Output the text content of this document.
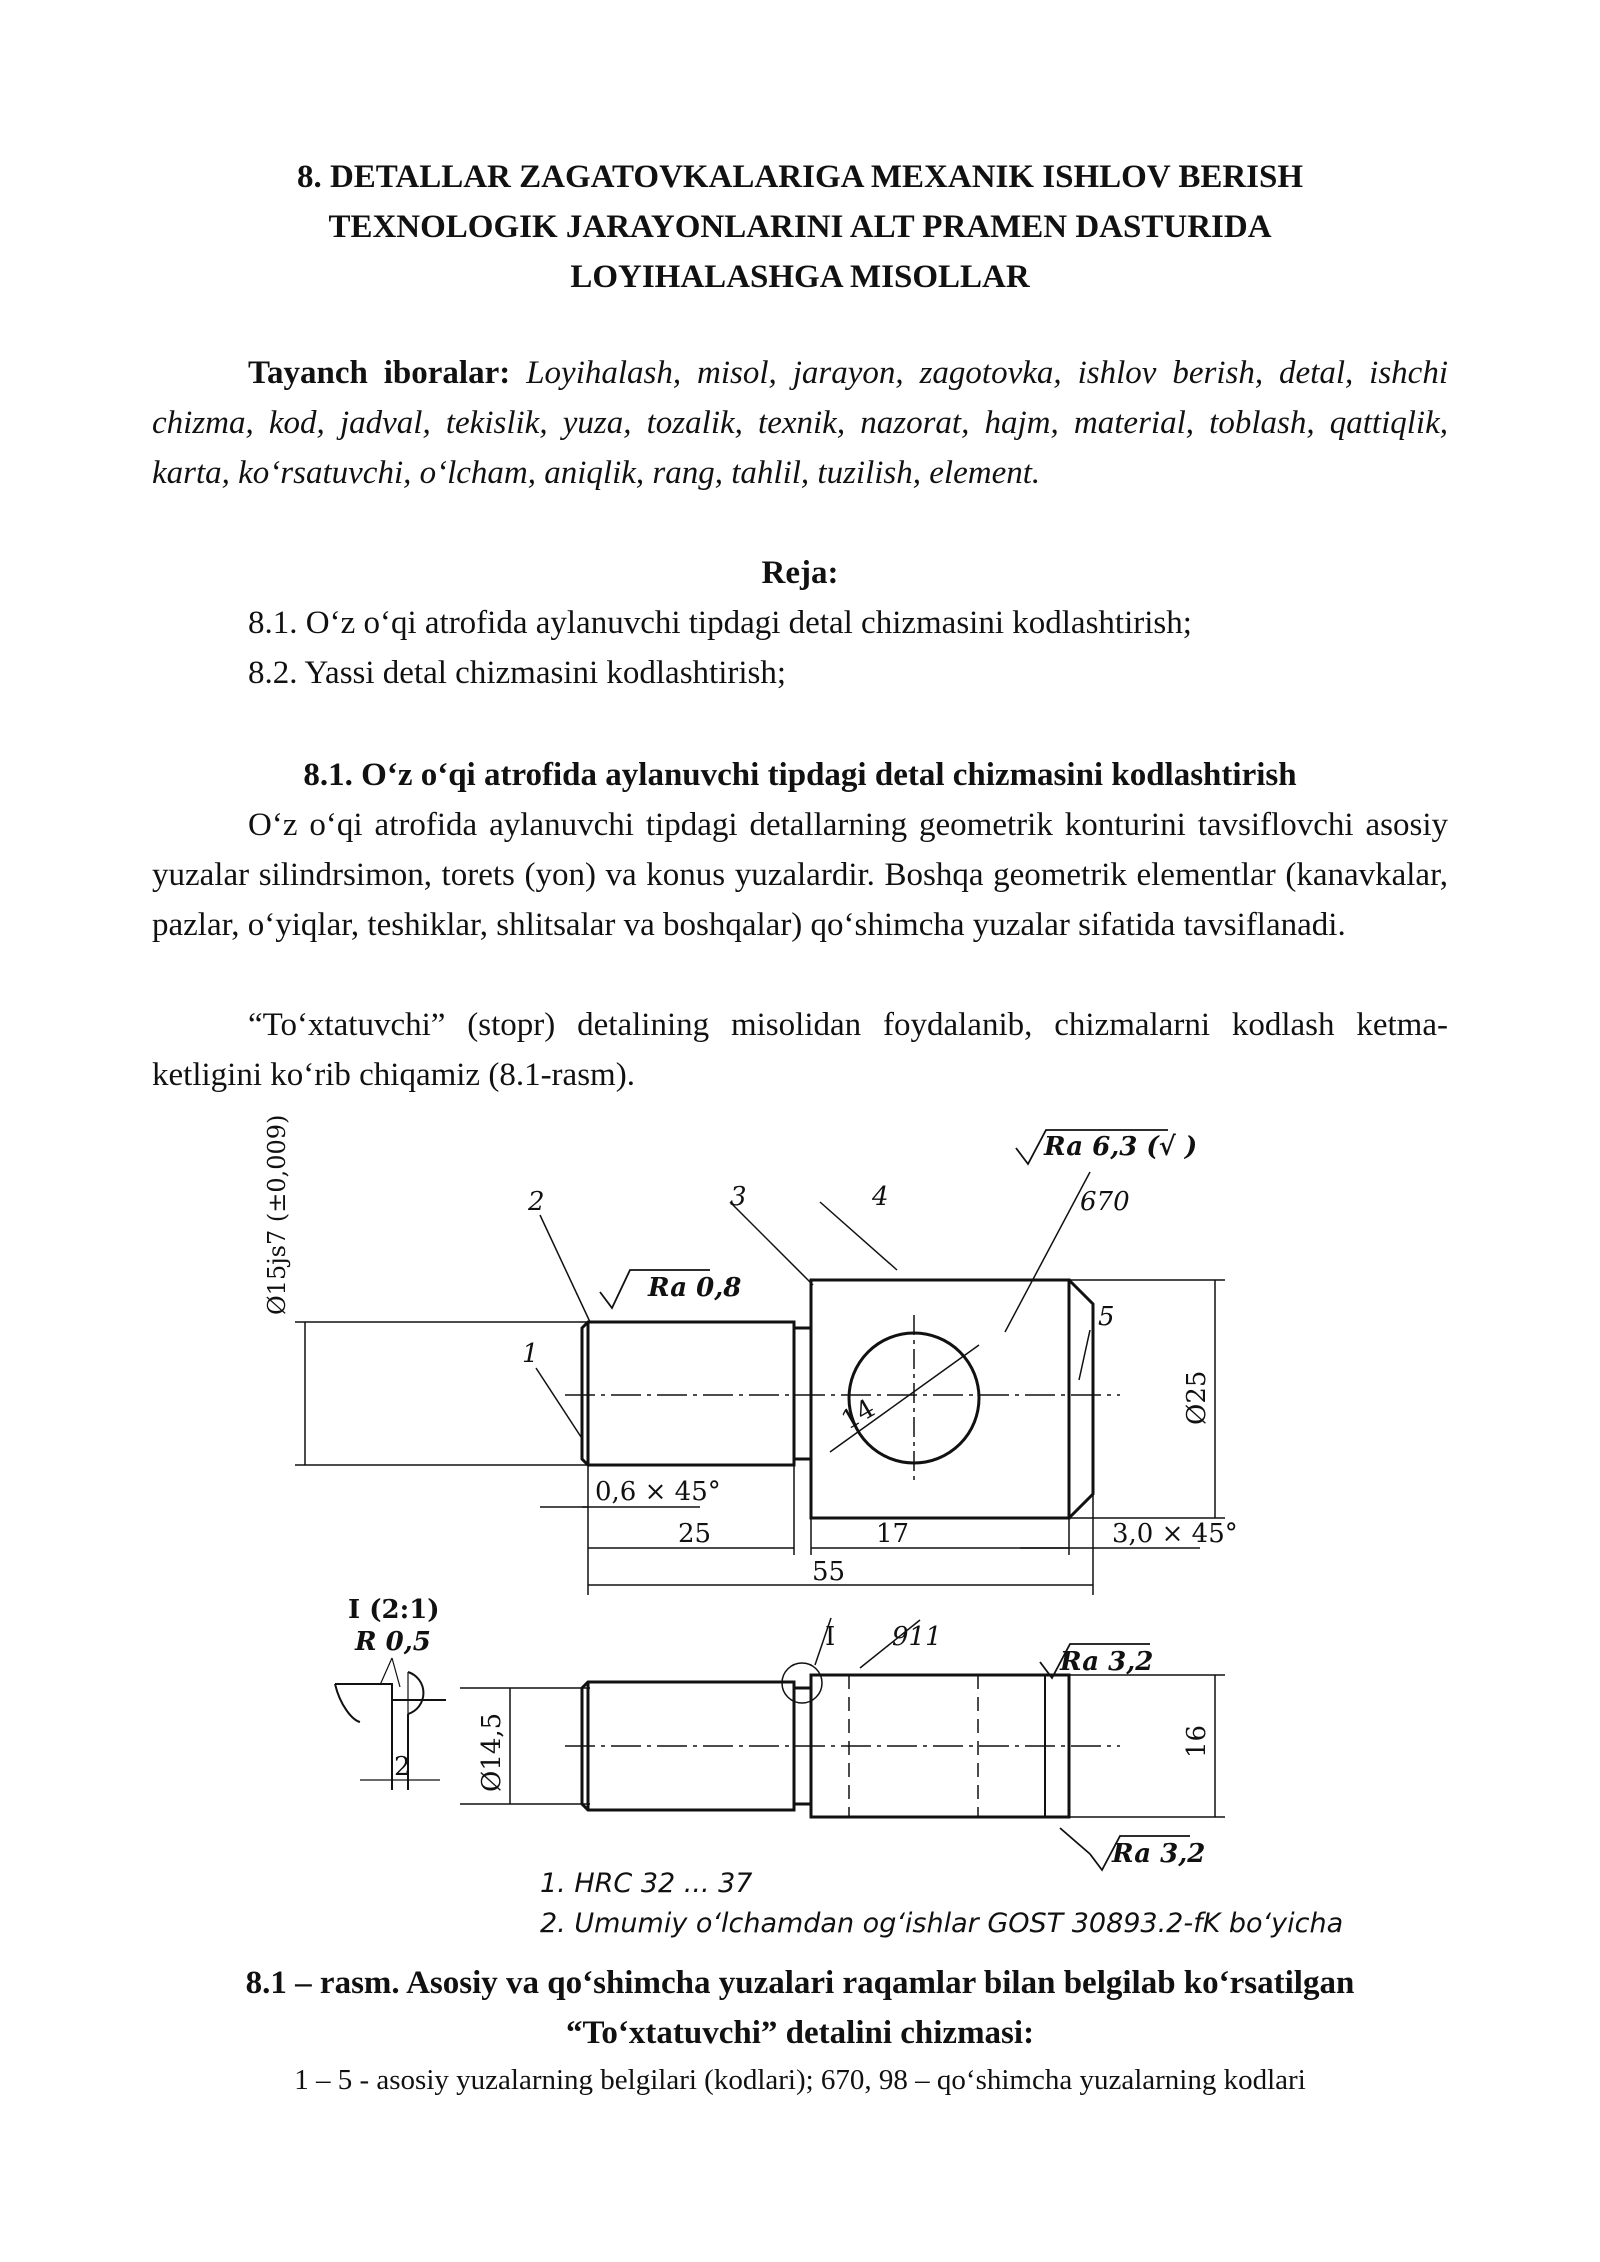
8. DETALLAR ZAGATOVKALARIGA MEXANIK ISHLOV BERISH
TEXNOLOGIK JARAYONLARINI ALT PRAMEN DASTURIDA
LOYIHALASHGA MISOLLAR
Tayanch iboralar: Loyihalash, misol, jarayon, zagotovka, ishlov berish, detal, ishchi chizma, kod, jadval, tekislik, yuza, tozalik, texnik, nazorat, hajm, material, toblash, qattiqlik, karta, ko‘rsatuvchi, o‘lcham, aniqlik, rang, tahlil, tuzilish, element.
Reja:
8.1. O‘z o‘qi atrofida aylanuvchi tipdagi detal chizmasini kodlashtirish;
8.2. Yassi detal chizmasini kodlashtirish;
8.1. O‘z o‘qi atrofida aylanuvchi tipdagi detal chizmasini kodlashtirish
O‘z o‘qi atrofida aylanuvchi tipdagi detallarning geometrik konturini tavsiflovchi asosiy yuzalar silindrsimon, torets (yon) va konus yuzalardir. Boshqa geometrik elementlar (kanavkalar, pazlar, o‘yiqlar, teshiklar, shlitsalar va boshqalar) qo‘shimcha yuzalar sifatida tavsiflanadi.
“To‘xtatuvchi” (stopr) detalining misolidan foydalanib, chizmalarni kodlash ketma-ketligini ko‘rib chiqamiz (8.1-rasm).
Ra 6,3 (√ )
670
Ø15js7 (±0,009)	Ra 0,8
1
2	3	4
5
14	Ø25
0,6 × 45°
25	17
55
3,0 × 45°
I (2:1)
R 0,5
2	Ø14,5
I 911
Ra 3,2
16
Ra 3,2
1. HRC 32 ... 37
2. Umumiy o‘lchamdan og‘ishlar GOST 30893.2-fK bo‘yicha
8.1 – rasm. Asosiy va qo‘shimcha yuzalari raqamlar bilan belgilab ko‘rsatilgan
“To‘xtatuvchi” detalini chizmasi:
1 – 5 - asosiy yuzalarning belgilari (kodlari); 670, 98 – qo‘shimcha yuzalarning kodlari
